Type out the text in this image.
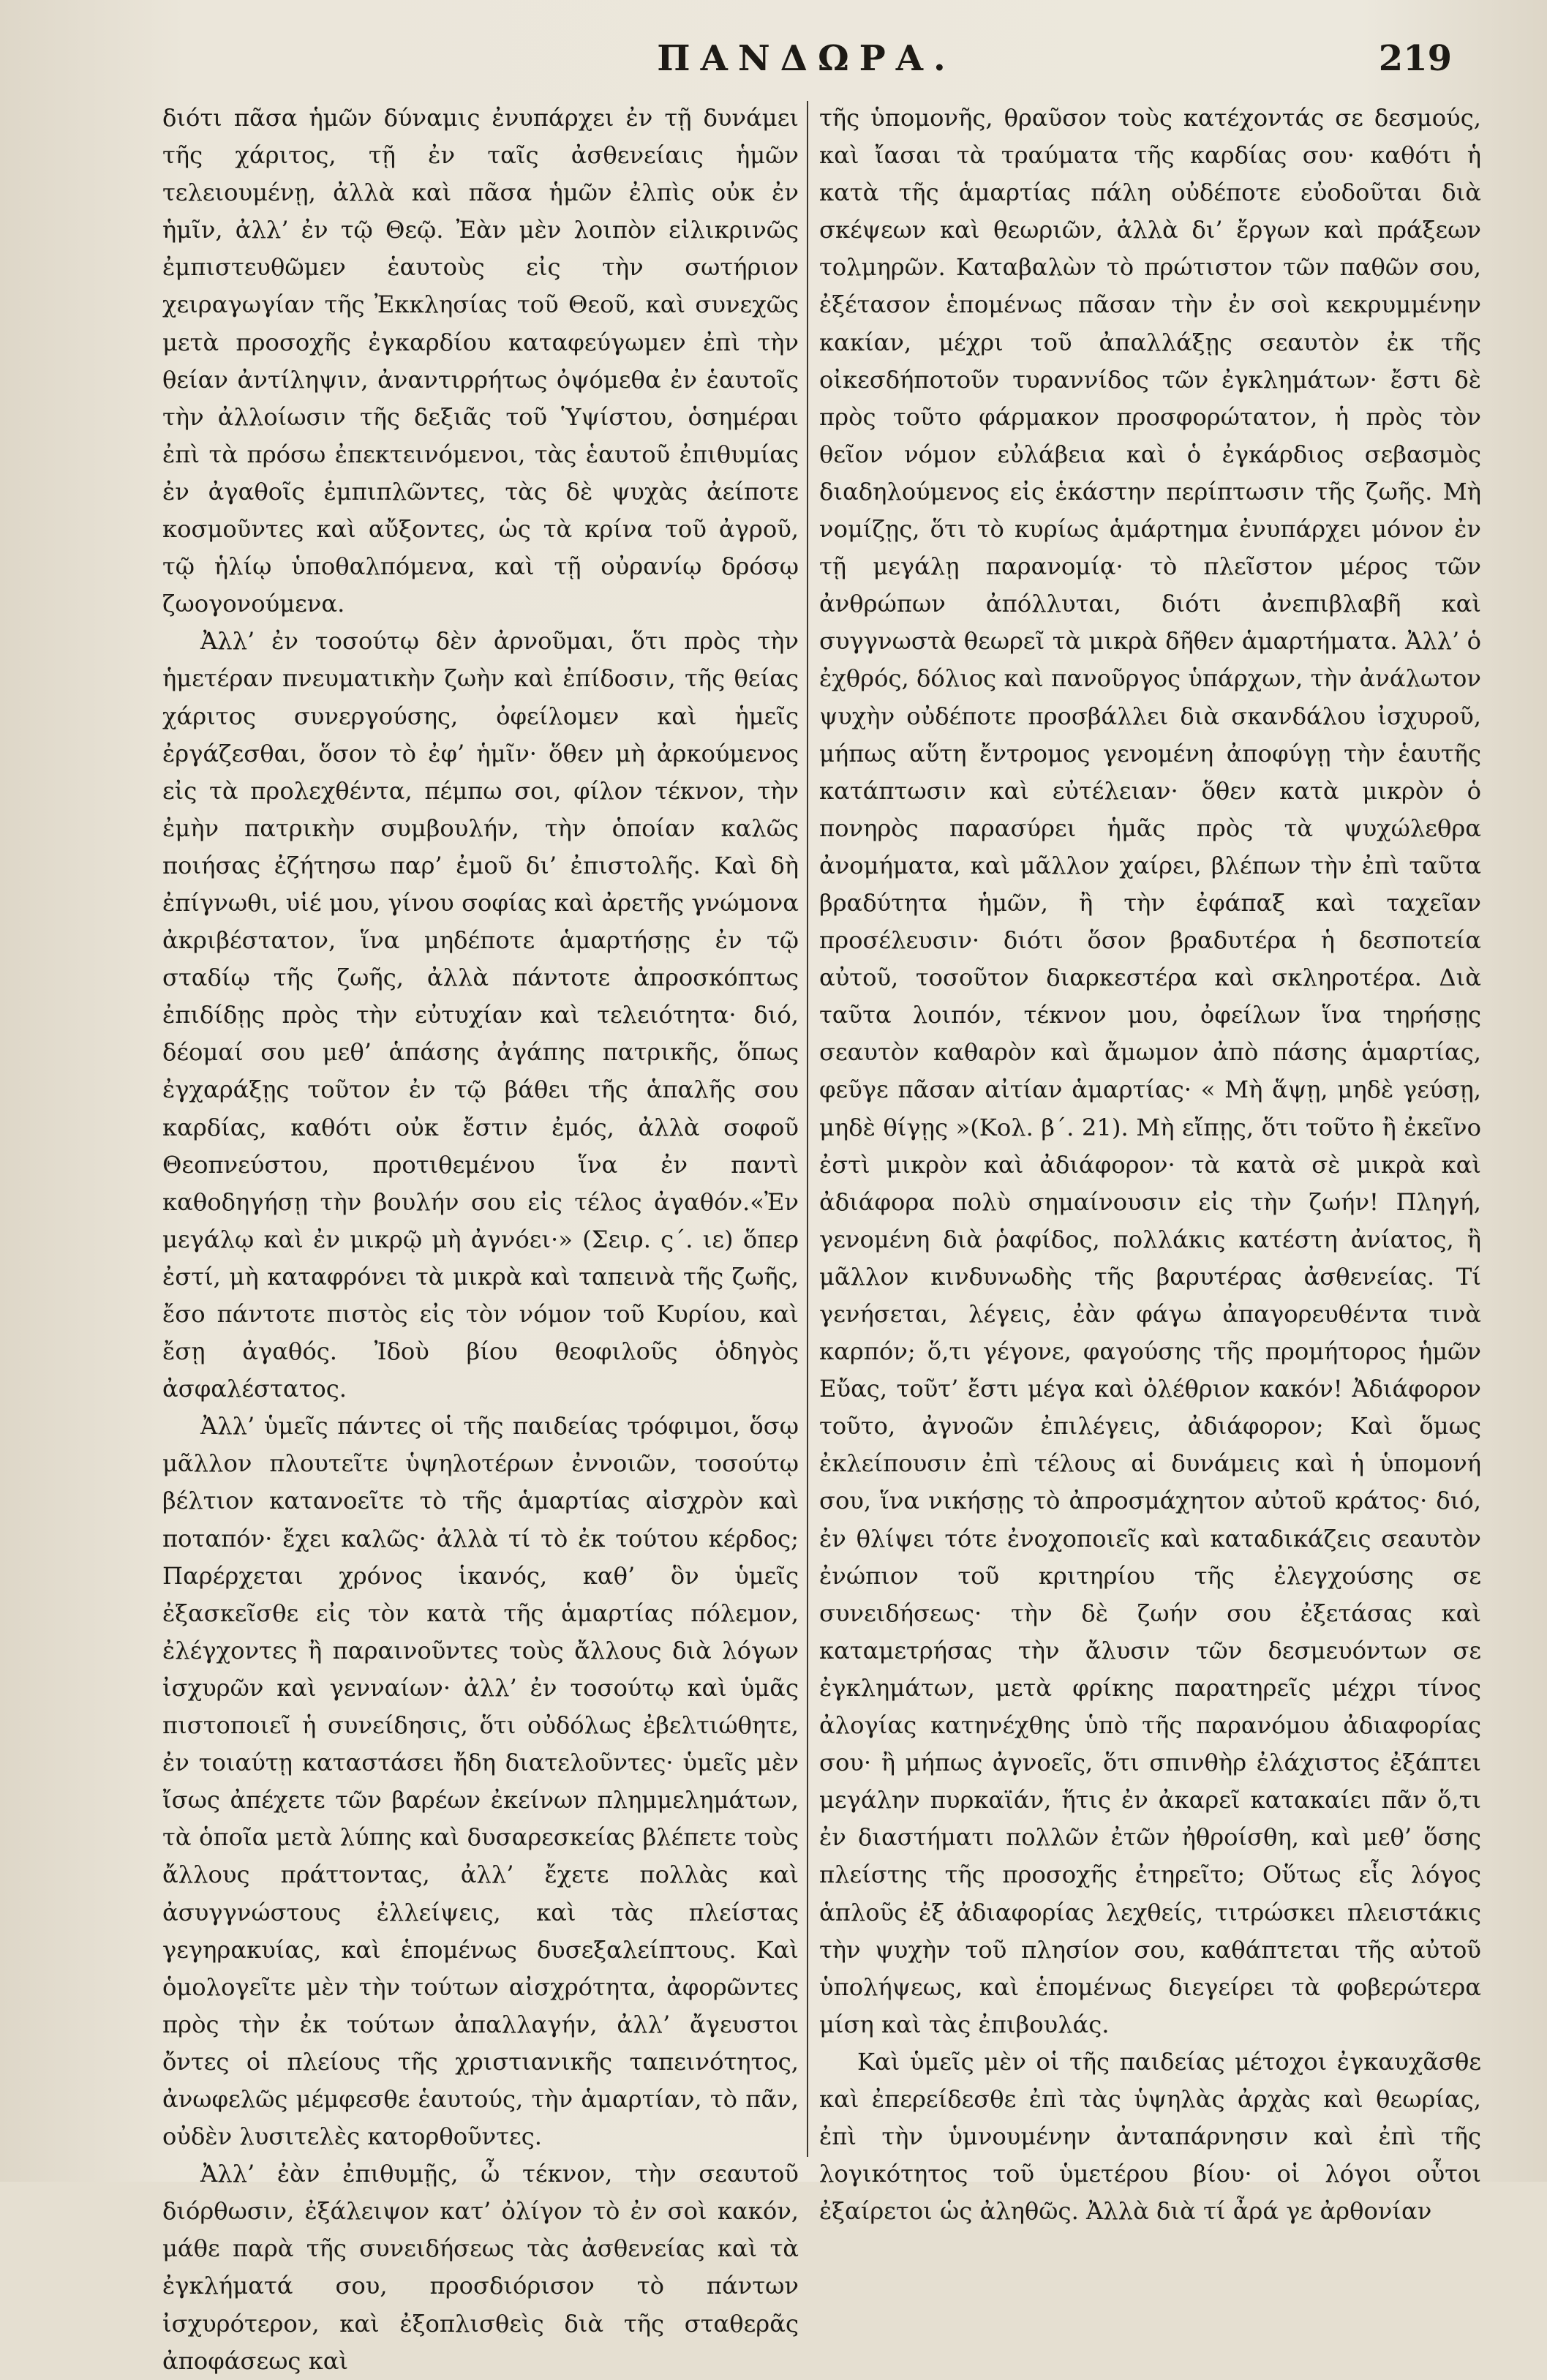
ΠΑΝΔΩΡΑ.	219

διότι πᾶσα ἡμῶν δύναμις ἐνυπάρχει ἐν τῇ δυνάμει τῆς χάριτος, τῇ ἐν ταῖς ἀσθενείαις ἡμῶν τελειουμένῃ, ἀλλὰ καὶ πᾶσα ἡμῶν ἐλπὶς οὐκ ἐν ἡμῖν, ἀλλ’ ἐν τῷ Θεῷ. Ἐὰν μὲν λοιπὸν εἰλικρινῶς ἐμπιστευθῶμεν ἑαυτοὺς εἰς τὴν σωτήριον χειραγωγίαν τῆς Ἐκκλησίας τοῦ Θεοῦ, καὶ συνεχῶς μετὰ προσοχῆς ἐγκαρδίου καταφεύγωμεν ἐπὶ τὴν θείαν ἀντίληψιν, ἀναντιρρήτως ὀψόμεθα ἐν ἑαυτοῖς τὴν ἀλλοίωσιν τῆς δεξιᾶς τοῦ Ὑψίστου, ὁσημέραι ἐπὶ τὰ πρόσω ἐπεκτεινόμενοι, τὰς ἑαυτοῦ ἐπιθυμίας ἐν ἀγαθοῖς ἐμπιπλῶντες, τὰς δὲ ψυχὰς ἀείποτε κοσμοῦντες καὶ αὔξοντες, ὡς τὰ κρίνα τοῦ ἀγροῦ, τῷ ἡλίῳ ὑποθαλπόμενα, καὶ τῇ οὐρανίῳ δρόσῳ ζωογονούμενα.

Ἀλλ’ ἐν τοσούτῳ δὲν ἀρνοῦμαι, ὅτι πρὸς τὴν ἡμετέραν πνευματικὴν ζωὴν καὶ ἐπίδοσιν, τῆς θείας χάριτος συνεργούσης, ὀφείλομεν καὶ ἡμεῖς ἐργάζεσθαι, ὅσον τὸ ἐφ’ ἡμῖν· ὅθεν μὴ ἀρκούμενος εἰς τὰ προλεχθέντα, πέμπω σοι, φίλον τέκνον, τὴν ἐμὴν πατρικὴν συμβουλήν, τὴν ὁποίαν καλῶς ποιήσας ἐζήτησω παρ’ ἐμοῦ δι’ ἐπιστολῆς. Καὶ δὴ ἐπίγνωθι, υἱέ μου, γίνου σοφίας καὶ ἀρετῆς γνώμονα ἀκριβέστατον, ἵνα μηδέποτε ἁμαρτήσῃς ἐν τῷ σταδίῳ τῆς ζωῆς, ἀλλὰ πάντοτε ἀπροσκόπτως ἐπιδίδῃς πρὸς τὴν εὐτυχίαν καὶ τελειότητα· διό, δέομαί σου μεθ’ ἁπάσης ἀγάπης πατρικῆς, ὅπως ἐγχαράξῃς τοῦτον ἐν τῷ βάθει τῆς ἁπαλῆς σου καρδίας, καθότι οὐκ ἔστιν ἐμός, ἀλλὰ σοφοῦ Θεοπνεύστου, προτιθεμένου ἵνα ἐν παντὶ καθοδηγήσῃ τὴν βουλήν σου εἰς τέλος ἀγαθόν.«Ἐν μεγάλῳ καὶ ἐν μικρῷ μὴ ἀγνόει·» (Σειρ. ς΄. ιε) ὅπερ ἐστί, μὴ καταφρόνει τὰ μικρὰ καὶ ταπεινὰ τῆς ζωῆς, ἔσο πάντοτε πιστὸς εἰς τὸν νόμον τοῦ Κυρίου, καὶ ἔσῃ ἀγαθός. Ἰδοὺ βίου θεοφιλοῦς ὁδηγὸς ἀσφαλέστατος.

Ἀλλ’ ὑμεῖς πάντες οἱ τῆς παιδείας τρόφιμοι, ὅσῳ μᾶλλον πλουτεῖτε ὑψηλοτέρων ἐννοιῶν, τοσούτῳ βέλτιον κατανοεῖτε τὸ τῆς ἁμαρτίας αἰσχρὸν καὶ ποταπόν· ἔχει καλῶς· ἀλλὰ τί τὸ ἐκ τούτου κέρδος; Παρέρχεται χρόνος ἱκανός, καθ’ ὃν ὑμεῖς ἐξασκεῖσθε εἰς τὸν κατὰ τῆς ἁμαρτίας πόλεμον, ἐλέγχοντες ἢ παραινοῦντες τοὺς ἄλλους διὰ λόγων ἰσχυρῶν καὶ γενναίων· ἀλλ’ ἐν τοσούτῳ καὶ ὑμᾶς πιστοποιεῖ ἡ συνείδησις, ὅτι οὐδόλως ἐβελτιώθητε, ἐν τοιαύτῃ καταστάσει ἤδη διατελοῦντες· ὑμεῖς μὲν ἴσως ἀπέχετε τῶν βαρέων ἐκείνων πλημμελημάτων, τὰ ὁποῖα μετὰ λύπης καὶ δυσαρεσκείας βλέπετε τοὺς ἄλλους πράττοντας, ἀλλ’ ἔχετε πολλὰς καὶ ἀσυγγνώστους ἐλλείψεις, καὶ τὰς πλείστας γεγηρακυίας, καὶ ἑπομένως δυσεξαλείπτους. Καὶ ὁμολογεῖτε μὲν τὴν τούτων αἰσχρότητα, ἀφορῶντες πρὸς τὴν ἐκ τούτων ἀπαλλαγήν, ἀλλ’ ἄγευστοι ὄντες οἱ πλείους τῆς χριστιανικῆς ταπεινότητος, ἀνωφελῶς μέμφεσθε ἑαυτούς, τὴν ἁμαρτίαν, τὸ πᾶν, οὐδὲν λυσιτελὲς κατορθοῦντες.

Ἀλλ’ ἐὰν ἐπιθυμῇς, ὦ τέκνον, τὴν σεαυτοῦ διόρθωσιν, ἐξάλειψον κατ’ ὀλίγον τὸ ἐν σοὶ κακόν, μάθε παρὰ τῆς συνειδήσεως τὰς ἀσθενείας καὶ τὰ ἐγκλήματά σου, προσδιόρισον τὸ πάντων ἰσχυρότερον, καὶ ἐξοπλισθεὶς διὰ τῆς σταθερᾶς ἀποφάσεως καὶ

τῆς ὑπομονῆς, θραῦσον τοὺς κατέχοντάς σε δεσμούς, καὶ ἴασαι τὰ τραύματα τῆς καρδίας σου· καθότι ἡ κατὰ τῆς ἁμαρτίας πάλη οὐδέποτε εὐοδοῦται διὰ σκέψεων καὶ θεωριῶν, ἀλλὰ δι’ ἔργων καὶ πράξεων τολμηρῶν. Καταβαλὼν τὸ πρώτιστον τῶν παθῶν σου, ἐξέτασον ἑπομένως πᾶσαν τὴν ἐν σοὶ κεκρυμμένην κακίαν, μέχρι τοῦ ἀπαλλάξῃς σεαυτὸν ἐκ τῆς οἰκεσδήποτοῦν τυραννίδος τῶν ἐγκλημάτων· ἔστι δὲ πρὸς τοῦτο φάρμακον προσφορώτατον, ἡ πρὸς τὸν θεῖον νόμον εὐλάβεια καὶ ὁ ἐγκάρδιος σεβασμὸς διαδηλούμενος εἰς ἑκάστην περίπτωσιν τῆς ζωῆς. Μὴ νομίζῃς, ὅτι τὸ κυρίως ἁμάρτημα ἐνυπάρχει μόνον ἐν τῇ μεγάλῃ παρανομίᾳ· τὸ πλεῖστον μέρος τῶν ἀνθρώπων ἀπόλλυται, διότι ἀνεπιβλαβῆ καὶ συγγνωστὰ θεωρεῖ τὰ μικρὰ δῆθεν ἁμαρτήματα. Ἀλλ’ ὁ ἐχθρός, δόλιος καὶ πανοῦργος ὑπάρχων, τὴν ἀνάλωτον ψυχὴν οὐδέποτε προσβάλλει διὰ σκανδάλου ἰσχυροῦ, μήπως αὕτη ἔντρομος γενομένη ἀποφύγῃ τὴν ἑαυτῆς κατάπτωσιν καὶ εὐτέλειαν· ὅθεν κατὰ μικρὸν ὁ πονηρὸς παρασύρει ἡμᾶς πρὸς τὰ ψυχώλεθρα ἀνομήματα, καὶ μᾶλλον χαίρει, βλέπων τὴν ἐπὶ ταῦτα βραδύτητα ἡμῶν, ἢ τὴν ἐφάπαξ καὶ ταχεῖαν προσέλευσιν· διότι ὅσον βραδυτέρα ἡ δεσποτεία αὐτοῦ, τοσοῦτον διαρκεστέρα καὶ σκληροτέρα. Διὰ ταῦτα λοιπόν, τέκνον μου, ὀφείλων ἵνα τηρήσῃς σεαυτὸν καθαρὸν καὶ ἄμωμον ἀπὸ πάσης ἁμαρτίας, φεῦγε πᾶσαν αἰτίαν ἁμαρτίας· « Μὴ ἅψῃ, μηδὲ γεύσῃ, μηδὲ θίγῃς »(Κολ. β΄. 21). Μὴ εἴπῃς, ὅτι τοῦτο ἢ ἐκεῖνο ἐστὶ μικρὸν καὶ ἀδιάφορον· τὰ κατὰ σὲ μικρὰ καὶ ἀδιάφορα πολὺ σημαίνουσιν εἰς τὴν ζωήν! Πληγή, γενομένη διὰ ῥαφίδος, πολλάκις κατέστη ἀνίατος, ἢ μᾶλλον κινδυνωδὴς τῆς βαρυτέρας ἀσθενείας. Τί γενήσεται, λέγεις, ἐὰν φάγω ἀπαγορευθέντα τινὰ καρπόν; ὅ,τι γέγονε, φαγούσης τῆς προμήτορος ἡμῶν Εὔας, τοῦτ’ ἔστι μέγα καὶ ὀλέθριον κακόν! Ἀδιάφορον τοῦτο, ἀγνοῶν ἐπιλέγεις, ἀδιάφορον; Καὶ ὅμως ἐκλείπουσιν ἐπὶ τέλους αἱ δυνάμεις καὶ ἡ ὑπομονή σου, ἵνα νικήσῃς τὸ ἀπροσμάχητον αὐτοῦ κράτος· διό, ἐν θλίψει τότε ἐνοχοποιεῖς καὶ καταδικάζεις σεαυτὸν ἐνώπιον τοῦ κριτηρίου τῆς ἐλεγχούσης σε συνειδήσεως· τὴν δὲ ζωήν σου ἐξετάσας καὶ καταμετρήσας τὴν ἄλυσιν τῶν δεσμευόντων σε ἐγκλημάτων, μετὰ φρίκης παρατηρεῖς μέχρι τίνος ἀλογίας κατηνέχθης ὑπὸ τῆς παρανόμου ἀδιαφορίας σου· ἢ μήπως ἀγνοεῖς, ὅτι σπινθὴρ ἐλάχιστος ἐξάπτει μεγάλην πυρκαϊάν, ἥτις ἐν ἀκαρεῖ κατακαίει πᾶν ὅ,τι ἐν διαστήματι πολλῶν ἐτῶν ἠθροίσθη, καὶ μεθ’ ὅσης πλείστης τῆς προσοχῆς ἐτηρεῖτο; Οὕτως εἷς λόγος ἁπλοῦς ἐξ ἀδιαφορίας λεχθείς, τιτρώσκει πλειστάκις τὴν ψυχὴν τοῦ πλησίον σου, καθάπτεται τῆς αὐτοῦ ὑπολήψεως, καὶ ἑπομένως διεγείρει τὰ φοβερώτερα μίση καὶ τὰς ἐπιβουλάς.

Καὶ ὑμεῖς μὲν οἱ τῆς παιδείας μέτοχοι ἐγκαυχᾶσθε καὶ ἐπερείδεσθε ἐπὶ τὰς ὑψηλὰς ἀρχὰς καὶ θεωρίας, ἐπὶ τὴν ὑμνουμένην ἀνταπάρνησιν καὶ ἐπὶ τῆς λογικότητος τοῦ ὑμετέρου βίου· οἱ λόγοι οὗτοι ἐξαίρετοι ὡς ἀληθῶς. Ἀλλὰ διὰ τί ἆρά γε ἀρθονίαν
